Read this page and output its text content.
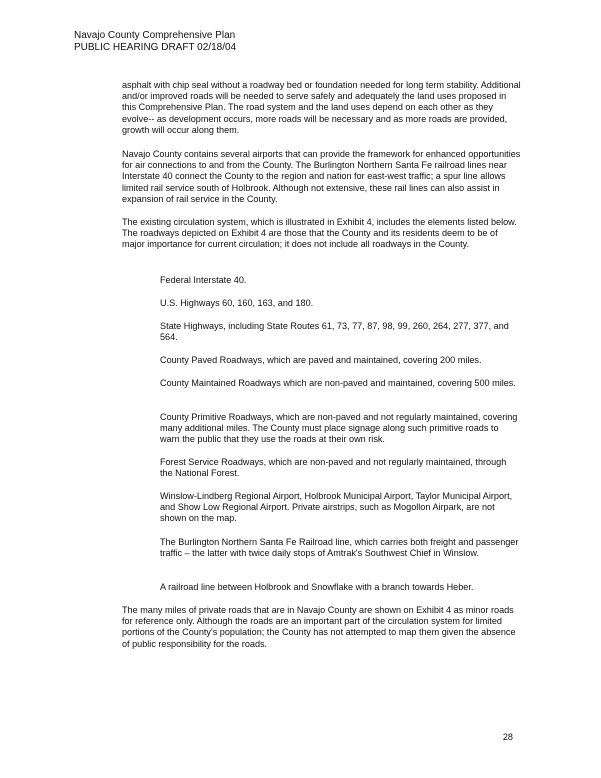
Navajo County Comprehensive Plan
PUBLIC HEARING DRAFT 02/18/04

asphalt with chip seal without a roadway bed or foundation needed for long term stability. Additional and/or improved roads will be needed to serve safely and adequately the land uses proposed in this Comprehensive Plan. The road system and the land uses depend on each other as they evolve-- as development occurs, more roads will be necessary and as more roads are provided, growth will occur along them.

Navajo County contains several airports that can provide the framework for enhanced opportunities for air connections to and from the County. The Burlington Northern Santa Fe railroad lines near Interstate 40 connect the County to the region and nation for east-west traffic; a spur line allows limited rail service south of Holbrook. Although not extensive, these rail lines can also assist in expansion of rail service in the County.

The existing circulation system, which is illustrated in Exhibit 4, includes the elements listed below. The roadways depicted on Exhibit 4 are those that the County and its residents deem to be of major importance for current circulation; it does not include all roadways in the County.

Federal Interstate 40.

U.S. Highways 60, 160, 163, and 180.

State Highways, including State Routes 61, 73, 77, 87, 98, 99, 260, 264, 277, 377, and 564.

County Paved Roadways, which are paved and maintained, covering 200 miles.

County Maintained Roadways which are non-paved and maintained, covering 500 miles.

County Primitive Roadways, which are non-paved and not regularly maintained, covering many additional miles. The County must place signage along such primitive roads to warn the public that they use the roads at their own risk.

Forest Service Roadways, which are non-paved and not regularly maintained, through the National Forest.

Winslow-Lindberg Regional Airport, Holbrook Municipal Airport, Taylor Municipal Airport, and Show Low Regional Airport. Private airstrips, such as Mogollon Airpark, are not shown on the map.

The Burlington Northern Santa Fe Railroad line, which carries both freight and passenger traffic – the latter with twice daily stops of Amtrak's Southwest Chief in Winslow.

A railroad line between Holbrook and Snowflake with a branch towards Heber.

The many miles of private roads that are in Navajo County are shown on Exhibit 4 as minor roads for reference only. Although the roads are an important part of the circulation system for limited portions of the County's population; the County has not attempted to map them given the absence of public responsibility for the roads.

28
